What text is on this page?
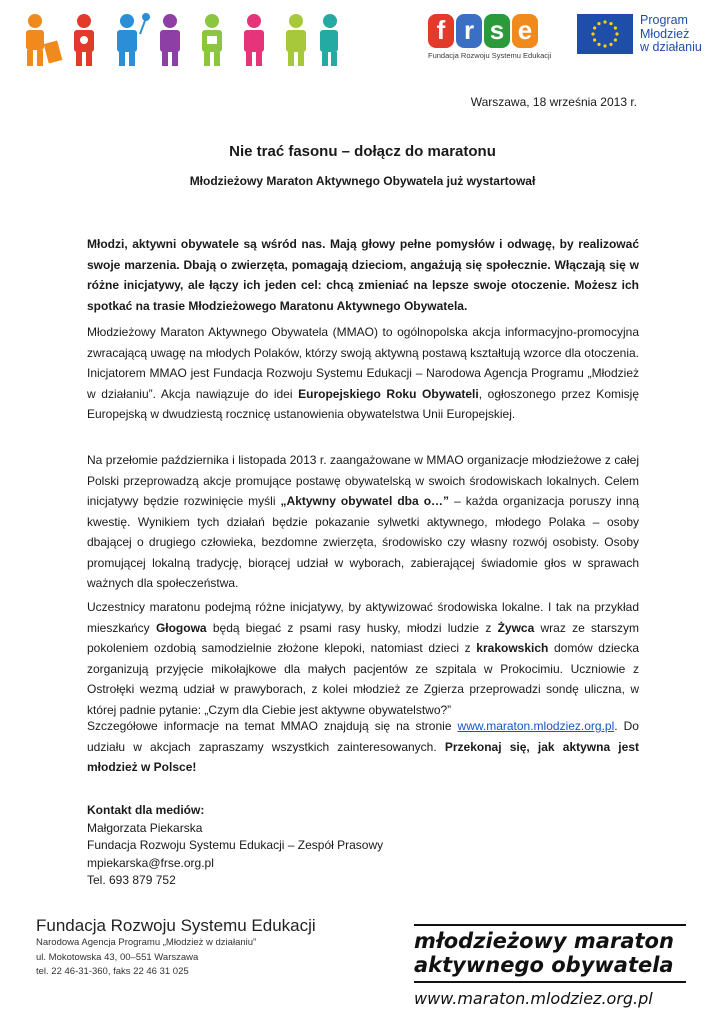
f r s e
Fundacja Rozwoju Systemu Edukacji
Program
Młodzież
w działaniu
Warszawa, 18 września 2013 r.
Nie trać fasonu – dołącz do maratonu
Młodzieżowy Maraton Aktywnego Obywatela już wystartował

Młodzi, aktywni obywatele są wśród nas. Mają głowy pełne pomysłów i odwagę, by realizować swoje marzenia. Dbają o zwierzęta, pomagają dzieciom, angażują się społecznie. Włączają się w różne inicjatywy, ale łączy ich jeden cel: chcą zmieniać na lepsze swoje otoczenie. Możesz ich spotkać na trasie Młodzieżowego Maratonu Aktywnego Obywatela.

Młodzieżowy Maraton Aktywnego Obywatela (MMAO) to ogólnopolska akcja informacyjno-promocyjna zwracającą uwagę na młodych Polaków, którzy swoją aktywną postawą kształtują wzorce dla otoczenia. Inicjatorem MMAO jest Fundacja Rozwoju Systemu Edukacji – Narodowa Agencja Programu „Młodzież w działaniu”. Akcja nawiązuje do idei Europejskiego Roku Obywateli, ogłoszonego przez Komisję Europejską w dwudziestą rocznicę ustanowienia obywatelstwa Unii Europejskiej.

Na przełomie października i listopada 2013 r. zaangażowane w MMAO organizacje młodzieżowe z całej Polski przeprowadzą akcje promujące postawę obywatelską w swoich środowiskach lokalnych. Celem inicjatywy będzie rozwinięcie myśli „Aktywny obywatel dba o…” – każda organizacja poruszy inną kwestię. Wynikiem tych działań będzie pokazanie sylwetki aktywnego, młodego Polaka – osoby dbającej o drugiego człowieka, bezdomne zwierzęta, środowisko czy własny rozwój osobisty. Osoby promującej lokalną tradycję, biorącej udział w wyborach, zabierającej świadomie głos w sprawach ważnych dla społeczeństwa.

Uczestnicy maratonu podejmą różne inicjatywy, by aktywizować środowiska lokalne. I tak na przykład mieszkańcy Głogowa będą biegać z psami rasy husky, młodzi ludzie z Żywca wraz ze starszym pokoleniem ozdobią samodzielnie złożone klepoki, natomiast dzieci z krakowskich domów dziecka zorganizują przyjęcie mikołajkowe dla małych pacjentów ze szpitala w Prokocimiu. Uczniowie z Ostrołęki wezmą udział w prawyborach, z kolei młodzież ze Zgierza przeprowadzi sondę uliczna, w której padnie pytanie: „Czym dla Ciebie jest aktywne obywatelstwo?”

Szczegółowe informacje na temat MMAO znajdują się na stronie www.maraton.mlodziez.org.pl. Do udziału w akcjach zapraszamy wszystkich zainteresowanych. Przekonaj się, jak aktywna jest młodzież w Polsce!

Kontakt dla mediów:
Małgorzata Piekarska
Fundacja Rozwoju Systemu Edukacji – Zespół Prasowy
mpiekarska@frse.org.pl
Tel. 693 879 752
Fundacja Rozwoju Systemu Edukacji
Narodowa Agencja Programu „Młodzież w działaniu”
ul. Mokotowska 43, 00–551 Warszawa
tel. 22 46-31-360, faks 22 46 31 025
młodzieżowy maraton
aktywnego obywatela
www.maraton.mlodziez.org.pl
